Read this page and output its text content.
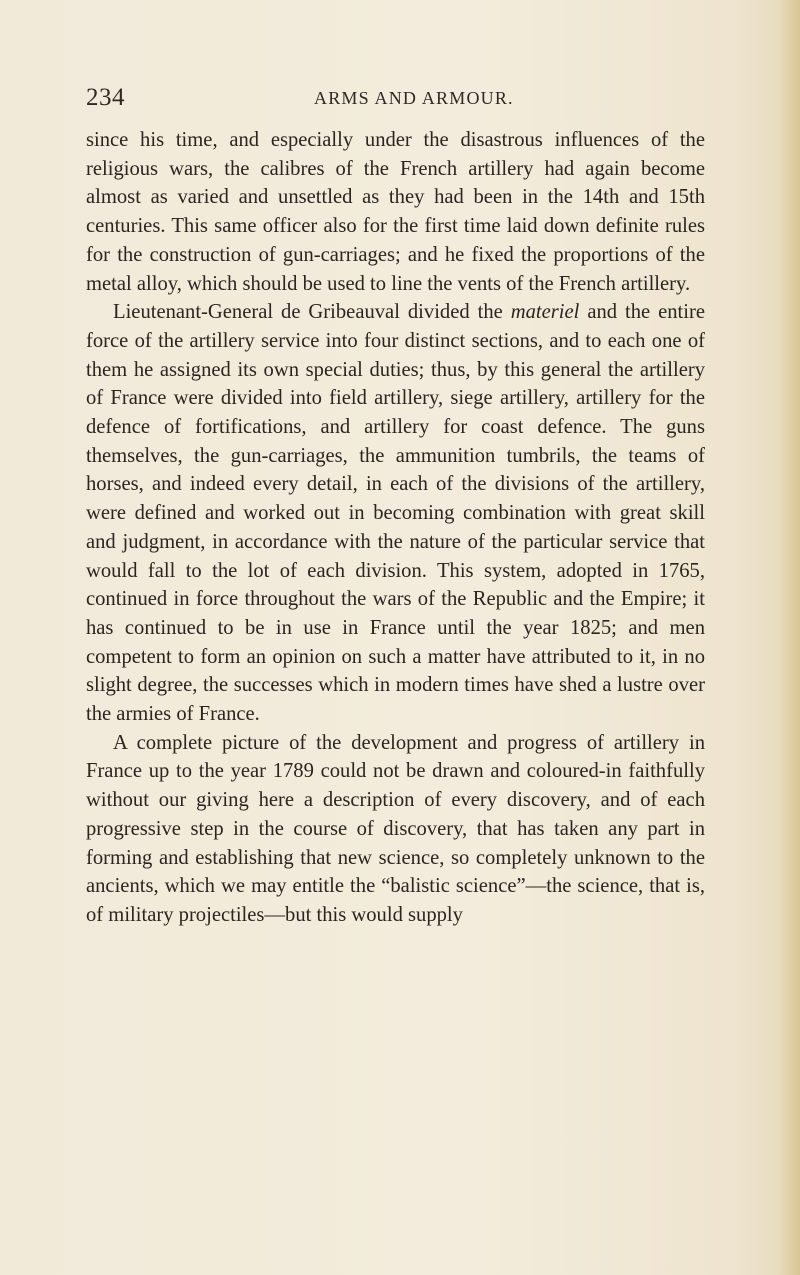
234	ARMS AND ARMOUR.

since his time, and especially under the disastrous influences of the religious wars, the calibres of the French artillery had again become almost as varied and unsettled as they had been in the 14th and 15th centuries. This same officer also for the first time laid down definite rules for the construction of gun-carriages; and he fixed the proportions of the metal alloy, which should be used to line the vents of the French artillery.

Lieutenant-General de Gribeauval divided the materiel and the entire force of the artillery service into four distinct sections, and to each one of them he assigned its own special duties; thus, by this general the artillery of France were divided into field artillery, siege artillery, artillery for the defence of fortifications, and artillery for coast defence. The guns themselves, the gun-carriages, the ammunition tumbrils, the teams of horses, and indeed every detail, in each of the divisions of the artillery, were defined and worked out in becoming combination with great skill and judgment, in accordance with the nature of the particular service that would fall to the lot of each division. This system, adopted in 1765, continued in force throughout the wars of the Republic and the Empire; it has continued to be in use in France until the year 1825; and men competent to form an opinion on such a matter have attributed to it, in no slight degree, the successes which in modern times have shed a lustre over the armies of France.

A complete picture of the development and progress of artillery in France up to the year 1789 could not be drawn and coloured-in faithfully without our giving here a description of every discovery, and of each progressive step in the course of discovery, that has taken any part in forming and establishing that new science, so completely unknown to the ancients, which we may entitle the “balistic science”—the science, that is, of military projectiles—but this would supply
